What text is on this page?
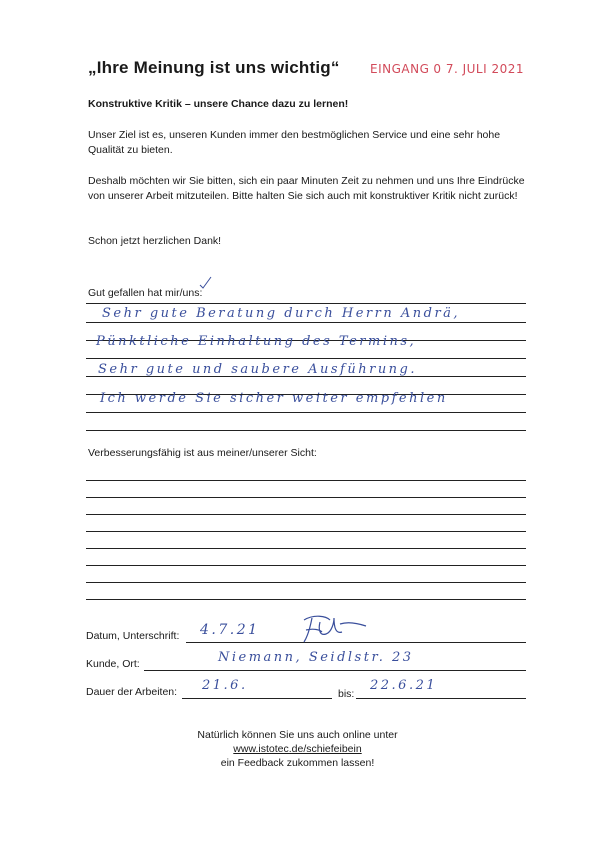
„Ihre Meinung ist uns wichtig“	EINGANG 0 7. JULI 2021
Konstruktive Kritik – unsere Chance dazu zu lernen!
Unser Ziel ist es, unseren Kunden immer den bestmöglichen Service und eine sehr hohe Qualität zu bieten.
Deshalb möchten wir Sie bitten, sich ein paar Minuten Zeit zu nehmen und uns Ihre Eindrücke von unserer Arbeit mitzuteilen. Bitte halten Sie sich auch mit konstruktiver Kritik nicht zurück!
Schon jetzt herzlichen Dank!
Gut gefallen hat mir/uns:
Sehr gute Beratung durch Herrn Andrä,
Pünktliche Einhaltung des Termins,
Sehr gute und saubere Ausführung.
Ich werde Sie sicher weiter empfehlen
Verbesserungsfähig ist aus meiner/unserer Sicht:
Datum, Unterschrift: 4.7.21
Kunde, Ort:	Niemann, Seidlstr. 23
Dauer der Arbeiten: 21.6.
bis:
22.6.21
Natürlich können Sie uns auch online unter
www.istotec.de/schiefeibein
ein Feedback zukommen lassen!
